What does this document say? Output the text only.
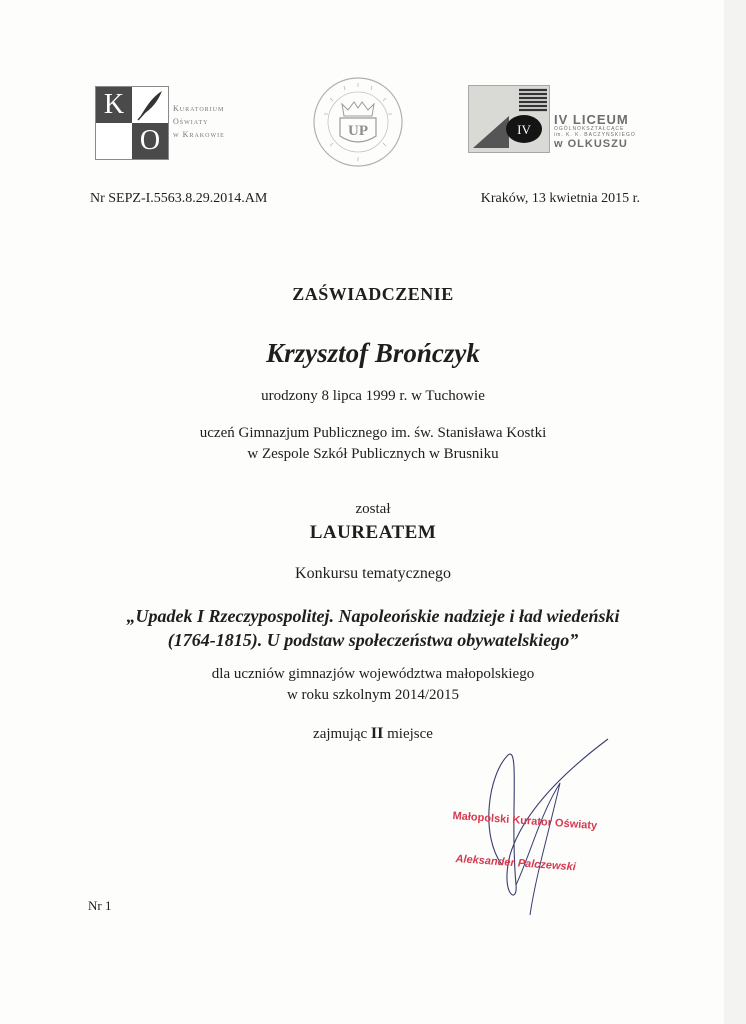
K
O
Kuratorium
Oświaty
w Krakowie	UP	IV
IV LICEUM
OGÓLNOKSZTAŁCĄCE
im. K. K. BACZYŃSKIEGO
w OLKUSZU
Nr SEPZ-I.5563.8.29.2014.AM	Kraków, 13 kwietnia 2015 r.
ZAŚWIADCZENIE
Krzysztof Brończyk
urodzony 8 lipca 1999 r. w Tuchowie
uczeń Gimnazjum Publicznego im. św. Stanisława Kostki
w Zespole Szkół Publicznych w Brusniku
został
LAUREATEM
Konkursu tematycznego
„Upadek I Rzeczypospolitej. Napoleońskie nadzieje i ład wiedeński
(1764-1815). U podstaw społeczeństwa obywatelskiego”
dla uczniów gimnazjów województwa małopolskiego
w roku szkolnym 2014/2015
zajmując II miejsce
Małopolski Kurator Oświaty
Aleksander Palczewski
Nr 1
